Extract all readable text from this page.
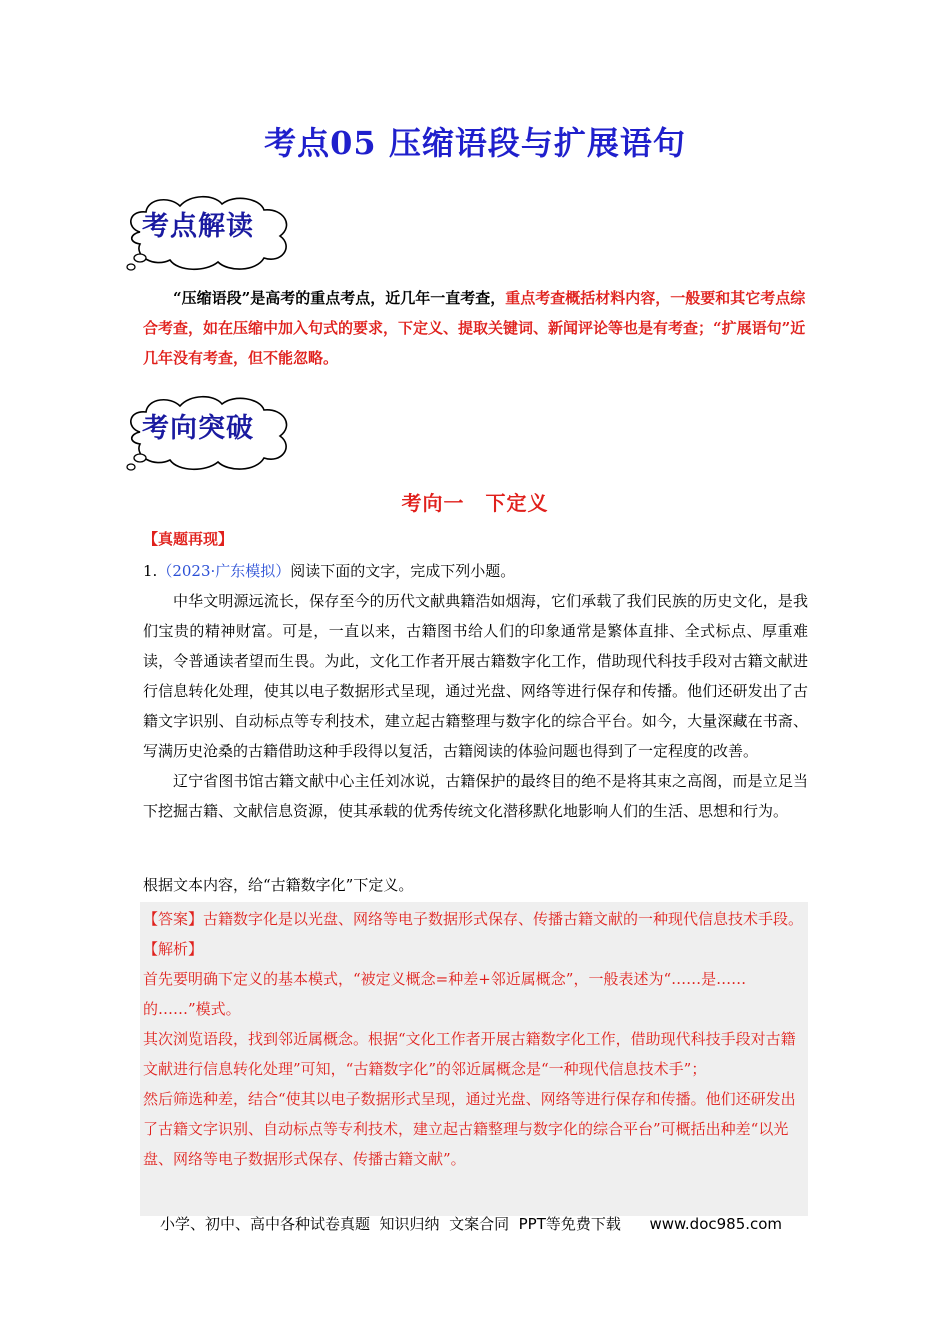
考点05 压缩语段与扩展语句
考点解读

“压缩语段”是高考的重点考点，近几年一直考查，重点考查概括材料内容，一般要和其它考点综合考查，如在压缩中加入句式的要求，下定义、提取关键词、新闻评论等也是有考查；“扩展语句”近几年没有考查，但不能忽略。

考向突破
考向一　下定义
【真题再现】
1.（2023·广东模拟）阅读下面的文字，完成下列小题。

中华文明源远流长，保存至今的历代文献典籍浩如烟海，它们承载了我们民族的历史文化，是我们宝贵的精神财富。可是，一直以来，古籍图书给人们的印象通常是繁体直排、全式标点、厚重难读，令普通读者望而生畏。为此，文化工作者开展古籍数字化工作，借助现代科技手段对古籍文献进行信息转化处理，使其以电子数据形式呈现，通过光盘、网络等进行保存和传播。他们还研发出了古籍文字识别、自动标点等专利技术，建立起古籍整理与数字化的综合平台。如今，大量深藏在书斋、写满历史沧桑的古籍借助这种手段得以复活，古籍阅读的体验问题也得到了一定程度的改善。

辽宁省图书馆古籍文献中心主任刘冰说，古籍保护的最终目的绝不是将其束之高阁，而是立足当下挖掘古籍、文献信息资源，使其承载的优秀传统文化潜移默化地影响人们的生活、思想和行为。

根据文本内容，给“古籍数字化”下定义。
【答案】古籍数字化是以光盘、网络等电子数据形式保存、传播古籍文献的一种现代信息技术手段。
【解析】
首先要明确下定义的基本模式，“被定义概念=种差+邻近属概念”，一般表述为“……是……的……”模式。
其次浏览语段，找到邻近属概念。根据“文化工作者开展古籍数字化工作，借助现代科技手段对古籍文献进行信息转化处理”可知，“古籍数字化”的邻近属概念是“一种现代信息技术手”；
然后筛选种差，结合“使其以电子数据形式呈现，通过光盘、网络等进行保存和传播。他们还研发出了古籍文字识别、自动标点等专利技术，建立起古籍整理与数字化的综合平台”可概括出种差“以光盘、网络等电子数据形式保存、传播古籍文献”。
小学、初中、高中各种试卷真题  知识归纳  文案合同  PPT等免费下载      www.doc985.com
